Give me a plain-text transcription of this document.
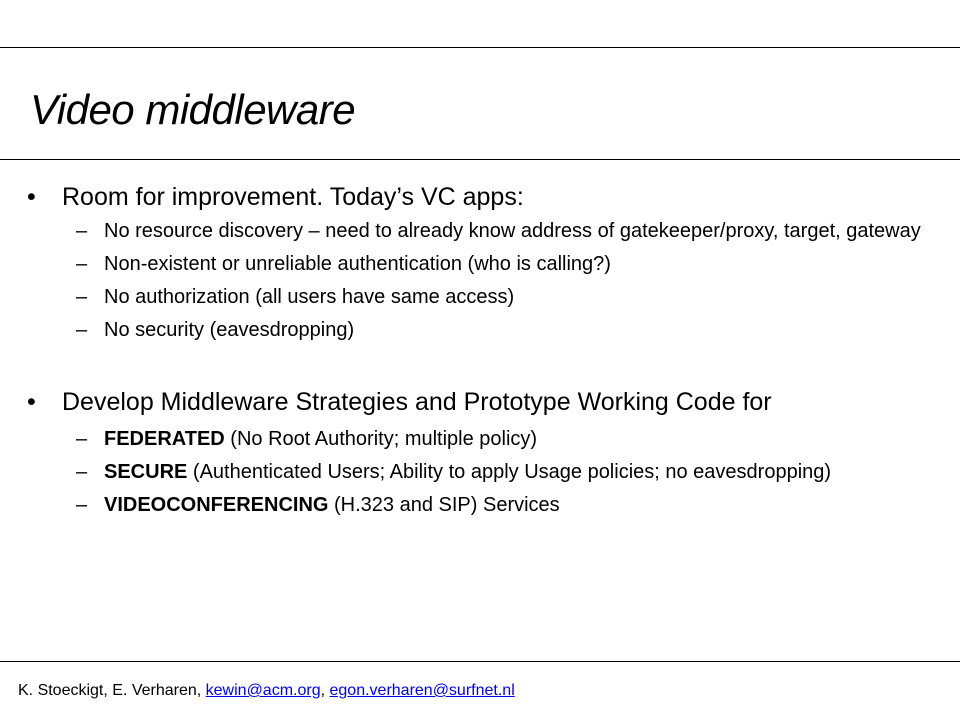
Video middleware
• Room for improvement. Today’s VC apps:
– No resource discovery – need to already know address of gatekeeper/proxy, target, gateway
– Non-existent or unreliable authentication (who is calling?)
– No authorization (all users have same access)
– No security (eavesdropping)
• Develop Middleware Strategies and Prototype Working Code for
– FEDERATED (No Root Authority; multiple policy)
– SECURE (Authenticated Users; Ability to apply Usage policies; no eavesdropping)
– VIDEOCONFERENCING (H.323 and SIP) Services
K. Stoeckigt, E. Verharen, kewin@acm.org, egon.verharen@surfnet.nl
